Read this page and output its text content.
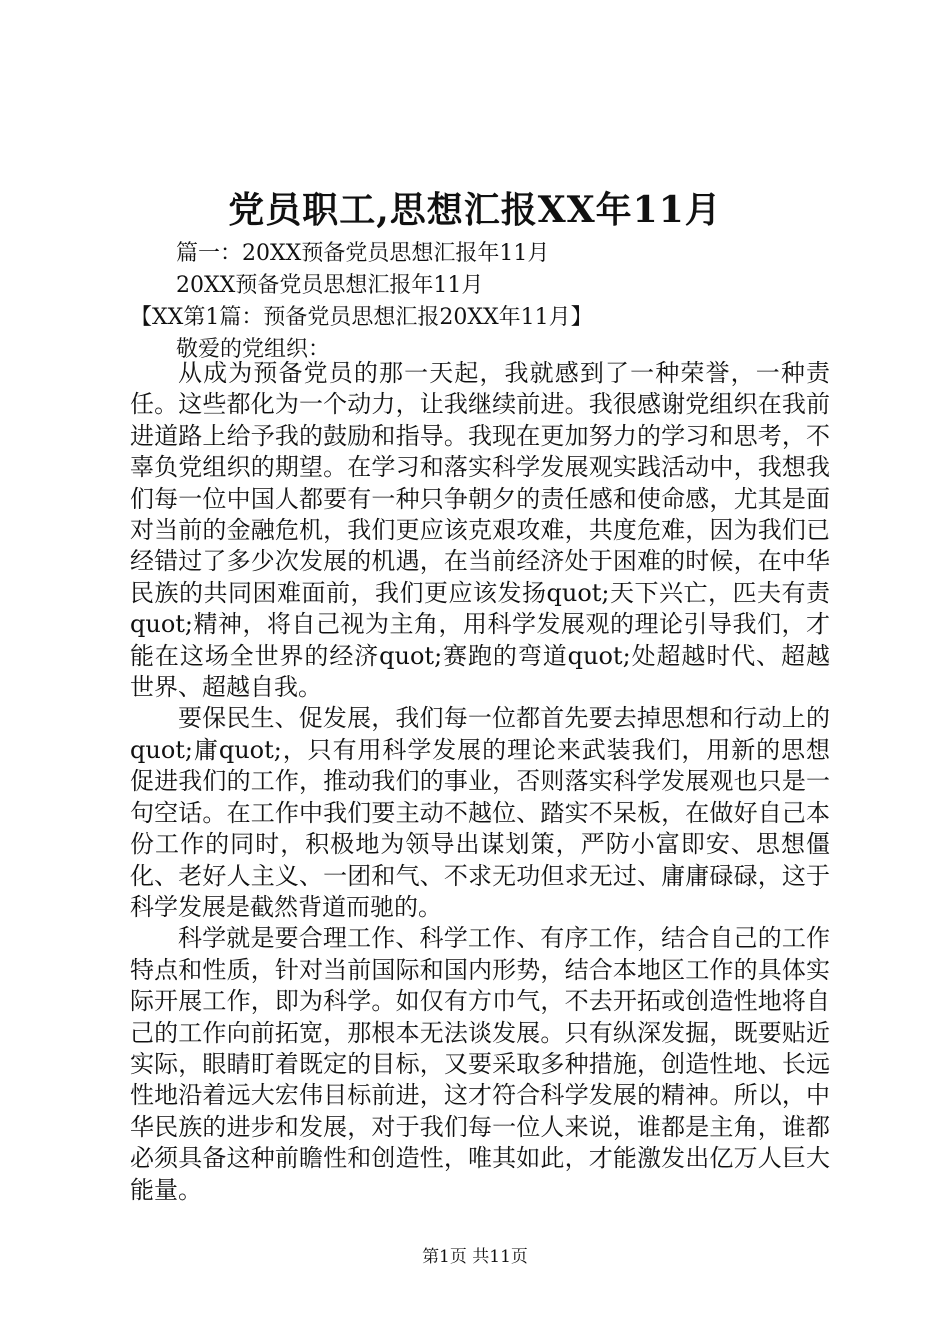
党员职工,思想汇报XX年11月

篇一：20XX预备党员思想汇报年11月

20XX预备党员思想汇报年11月

【XX第1篇：预备党员思想汇报20XX年11月】

敬爱的党组织：

从成为预备党员的那一天起，我就感到了一种荣誉，一种责任。这些都化为一个动力，让我继续前进。我很感谢党组织在我前进道路上给予我的鼓励和指导。我现在更加努力的学习和思考，不辜负党组织的期望。在学习和落实科学发展观实践活动中，我想我们每一位中国人都要有一种只争朝夕的责任感和使命感，尤其是面对当前的金融危机，我们更应该克艰攻难，共度危难，因为我们已经错过了多少次发展的机遇，在当前经济处于困难的时候，在中华民族的共同困难面前，我们更应该发扬quot;天下兴亡，匹夫有责quot;精神，将自己视为主角，用科学发展观的理论引导我们，才能在这场全世界的经济quot;赛跑的弯道quot;处超越时代、超越世界、超越自我。

要保民生、促发展，我们每一位都首先要去掉思想和行动上的quot;庸quot;，只有用科学发展的理论来武装我们，用新的思想促进我们的工作，推动我们的事业，否则落实科学发展观也只是一句空话。在工作中我们要主动不越位、踏实不呆板，在做好自己本份工作的同时，积极地为领导出谋划策，严防小富即安、思想僵化、老好人主义、一团和气、不求无功但求无过、庸庸碌碌，这于科学发展是截然背道而驰的。

科学就是要合理工作、科学工作、有序工作，结合自己的工作特点和性质，针对当前国际和国内形势，结合本地区工作的具体实际开展工作，即为科学。如仅有方巾气，不去开拓或创造性地将自己的工作向前拓宽，那根本无法谈发展。只有纵深发掘，既要贴近实际，眼睛盯着既定的目标，又要采取多种措施，创造性地、长远性地沿着远大宏伟目标前进，这才符合科学发展的精神。所以，中华民族的进步和发展，对于我们每一位人来说，谁都是主角，谁都必须具备这种前瞻性和创造性，唯其如此，才能激发出亿万人巨大能量。

第1页 共11页
